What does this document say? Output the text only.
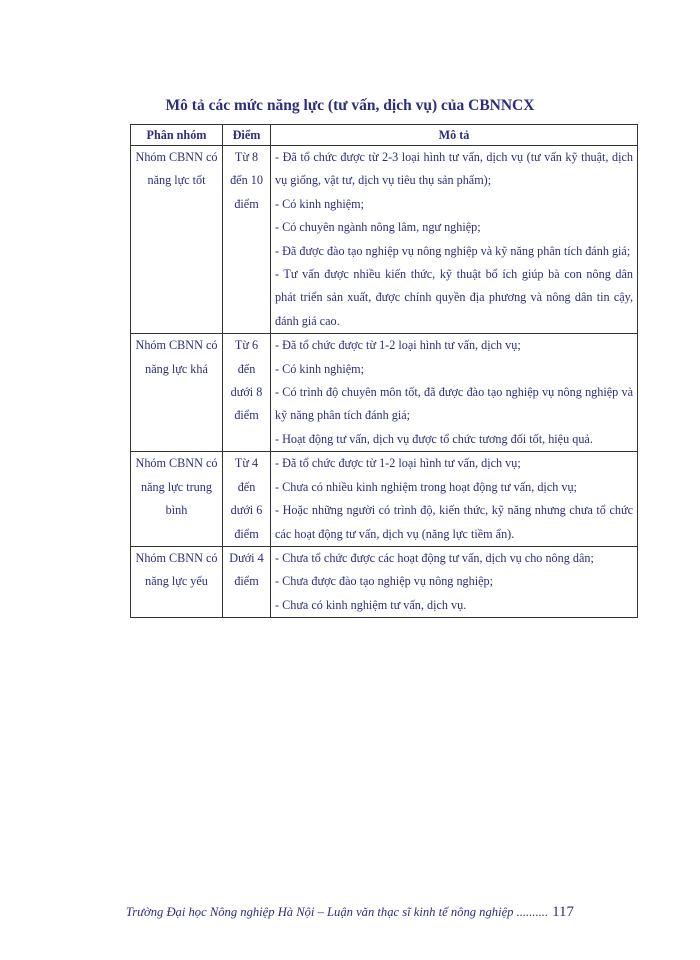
Mô tả các mức năng lực (tư vấn, dịch vụ) của CBNNCX
Phân nhóm	Điểm	Mô tả
Nhóm CBNN có năng lực tốt	Từ 8 đến 10 điểm	- Đã tổ chức được từ 2-3 loại hình tư vấn, dịch vụ (tư vấn kỹ thuật, dịch vụ giống, vật tư, dịch vụ tiêu thụ sản phẩm);
- Có kinh nghiệm;
- Có chuyên ngành nông lâm, ngư nghiệp;
- Đã được đào tạo nghiệp vụ nông nghiệp và kỹ năng phân tích đánh giá;
- Tư vấn được nhiều kiến thức, kỹ thuật bổ ích giúp bà con nông dân phát triển sản xuất, được chính quyền địa phương và nông dân tin cậy, đánh giá cao.

Nhóm CBNN có năng lực khá	Từ 6 đến dưới 8 điểm	- Đã tổ chức được từ 1-2 loại hình tư vấn, dịch vụ;
- Có kinh nghiệm;
- Có trình độ chuyên môn tốt, đã được đào tạo nghiệp vụ nông nghiệp và kỹ năng phân tích đánh giá;
- Hoạt động tư vấn, dịch vụ được tổ chức tương đối tốt, hiệu quả.

Nhóm CBNN có năng lực trung bình	Từ 4 đến dưới 6 điểm	- Đã tổ chức được từ 1-2 loại hình tư vấn, dịch vụ;
- Chưa có nhiều kinh nghiệm trong hoạt động tư vấn, dịch vụ;
- Hoặc những người có trình độ, kiến thức, kỹ năng nhưng chưa tổ chức các hoạt động tư vấn, dịch vụ (năng lực tiềm ẩn).

Nhóm CBNN có năng lực yếu	Dưới 4 điểm	- Chưa tổ chức được các hoạt động tư vấn, dịch vụ cho nông dân;
- Chưa được đào tạo nghiệp vụ nông nghiệp;
- Chưa có kinh nghiệm tư vấn, dịch vụ.
Trường Đại học Nông nghiệp Hà Nội – Luận văn thạc sĩ kinh tế nông nghiệp .......... 117
